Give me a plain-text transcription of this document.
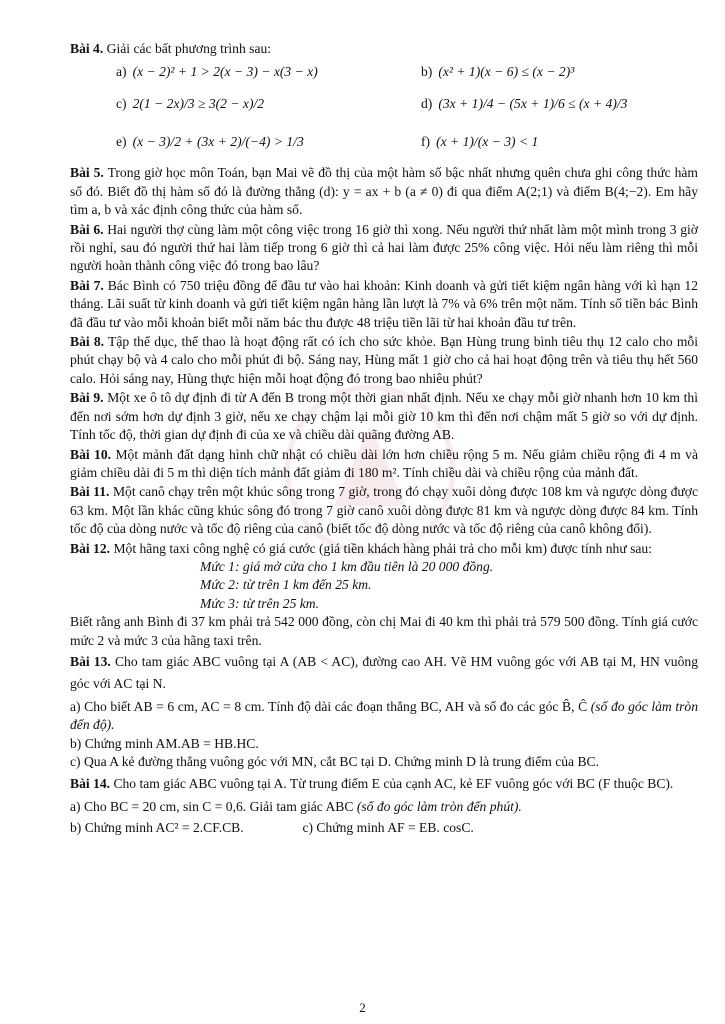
Bài 4. Giải các bất phương trình sau:

a) (x − 2)² + 1 > 2(x − 3) − x(3 − x)	b) (x² + 1)(x − 6) ≤ (x − 2)³
c) 2(1 − 2x)/3 ≥ 3(2 − x)/2	d) (3x + 1)/4 − (5x + 1)/6 ≤ (x + 4)/3
e) (x − 3)/2 + (3x + 2)/(−4) > 1/3	f) (x + 1)/(x − 3) < 1

Bài 5. Trong giờ học môn Toán, bạn Mai vẽ đồ thị của một hàm số bậc nhất nhưng quên chưa ghi công thức hàm số đó. Biết đồ thị hàm số đó là đường thẳng (d): y = ax + b (a ≠ 0) đi qua điểm A(2;1) và điểm B(4;−2). Em hãy tìm a, b và xác định công thức của hàm số.

Bài 6. Hai người thợ cùng làm một công việc trong 16 giờ thì xong. Nếu người thứ nhất làm một mình trong 3 giờ rồi nghỉ, sau đó người thứ hai làm tiếp trong 6 giờ thì cả hai làm được 25% công việc. Hỏi nếu làm riêng thì mỗi người hoàn thành công việc đó trong bao lâu?

Bài 7. Bác Bình có 750 triệu đồng để đầu tư vào hai khoản: Kinh doanh và gửi tiết kiệm ngân hàng với kì hạn 12 tháng. Lãi suất từ kinh doanh và gửi tiết kiệm ngân hàng lần lượt là 7% và 6% trên một năm. Tính số tiền bác Bình đã đầu tư vào mỗi khoản biết mỗi năm bác thu được 48 triệu tiền lãi từ hai khoản đầu tư trên.

Bài 8. Tập thể dục, thể thao là hoạt động rất có ích cho sức khỏe. Bạn Hùng trung bình tiêu thụ 12 calo cho mỗi phút chạy bộ và 4 calo cho mỗi phút đi bộ. Sáng nay, Hùng mất 1 giờ cho cả hai hoạt động trên và tiêu thụ hết 560 calo. Hỏi sáng nay, Hùng thực hiện mỗi hoạt động đó trong bao nhiêu phút?

Bài 9. Một xe ô tô dự định đi từ A đến B trong một thời gian nhất định. Nếu xe chạy mỗi giờ nhanh hơn 10 km thì đến nơi sớm hơn dự định 3 giờ, nếu xe chạy chậm lại mỗi giờ 10 km thì đến nơi chậm mất 5 giờ so với dự định. Tính tốc độ, thời gian dự định đi của xe và chiều dài quãng đường AB.

Bài 10. Một mảnh đất dạng hình chữ nhật có chiều dài lớn hơn chiều rộng 5 m. Nếu giảm chiều rộng đi 4 m và giảm chiều dài đi 5 m thì diện tích mảnh đất giảm đi 180 m². Tính chiều dài và chiều rộng của mảnh đất.

Bài 11. Một canô chạy trên một khúc sông trong 7 giờ, trong đó chạy xuôi dòng được 108 km và ngược dòng được 63 km. Một lần khác cũng khúc sông đó trong 7 giờ canô xuôi dòng được 81 km và ngược dòng được 84 km. Tính tốc độ của dòng nước và tốc độ riêng của canô (biết tốc độ dòng nước và tốc độ riêng của canô không đổi).

Bài 12. Một hãng taxi công nghệ có giá cước (giá tiền khách hàng phải trả cho mỗi km) được tính như sau:

Mức 1: giá mở cửa cho 1 km đầu tiên là 20 000 đồng.
Mức 2: từ trên 1 km đến 25 km.
Mức 3: từ trên 25 km.

Biết rằng anh Bình đi 37 km phải trả 542 000 đồng, còn chị Mai đi 40 km thì phải trả 579 500 đồng. Tính giá cước mức 2 và mức 3 của hãng taxi trên.

Bài 13. Cho tam giác ABC vuông tại A (AB < AC), đường cao AH. Vẽ HM vuông góc với AB tại M, HN vuông góc với AC tại N.

a) Cho biết AB = 6 cm, AC = 8 cm. Tính độ dài các đoạn thẳng BC, AH và số đo các góc B̂, Ĉ (số đo góc làm tròn đến độ).

b) Chứng minh AM.AB = HB.HC.

c) Qua A kẻ đường thẳng vuông góc với MN, cắt BC tại D. Chứng minh D là trung điểm của BC.

Bài 14. Cho tam giác ABC vuông tại A. Từ trung điểm E của cạnh AC, kẻ EF vuông góc với BC (F thuộc BC).

a) Cho BC = 20 cm, sin C = 0,6. Giải tam giác ABC (số đo góc làm tròn đến phút).

b) Chứng minh AC² = 2.CF.CB.	c) Chứng minh AF = EB. cosC.

2
